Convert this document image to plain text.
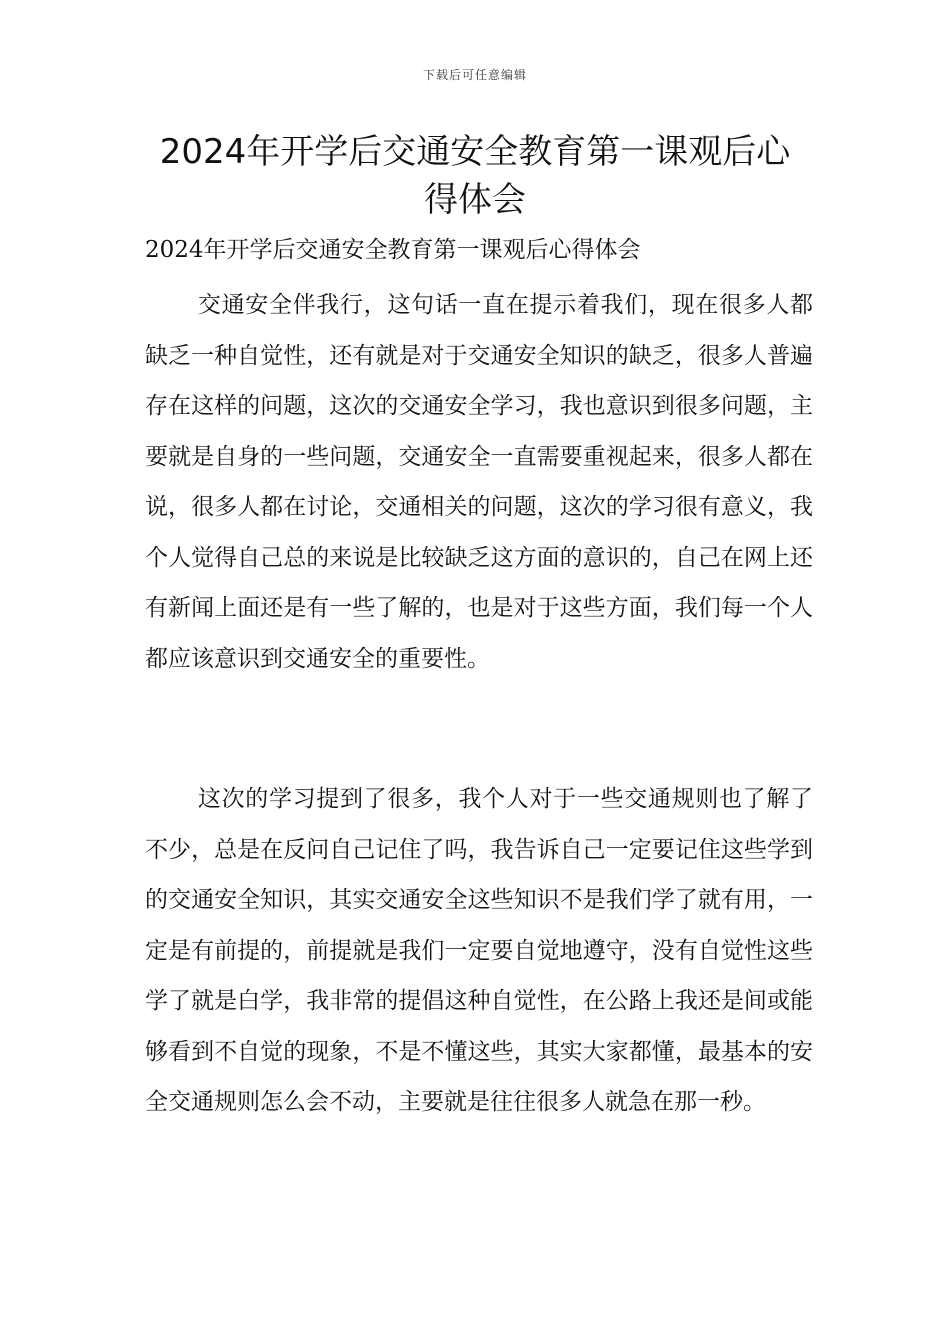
下载后可任意编辑
2024年开学后交通安全教育第一课观后心得体会

2024年开学后交通安全教育第一课观后心得体会

交通安全伴我行，这句话一直在提示着我们，现在很多人都缺乏一种自觉性，还有就是对于交通安全知识的缺乏，很多人普遍存在这样的问题，这次的交通安全学习，我也意识到很多问题，主要就是自身的一些问题，交通安全一直需要重视起来，很多人都在说，很多人都在讨论，交通相关的问题，这次的学习很有意义，我个人觉得自己总的来说是比较缺乏这方面的意识的，自己在网上还有新闻上面还是有一些了解的，也是对于这些方面，我们每一个人都应该意识到交通安全的重要性。

这次的学习提到了很多，我个人对于一些交通规则也了解了不少，总是在反问自己记住了吗，我告诉自己一定要记住这些学到的交通安全知识，其实交通安全这些知识不是我们学了就有用，一定是有前提的，前提就是我们一定要自觉地遵守，没有自觉性这些学了就是白学，我非常的提倡这种自觉性，在公路上我还是间或能够看到不自觉的现象，不是不懂这些，其实大家都懂，最基本的安全交通规则怎么会不动，主要就是往往很多人就急在那一秒。
